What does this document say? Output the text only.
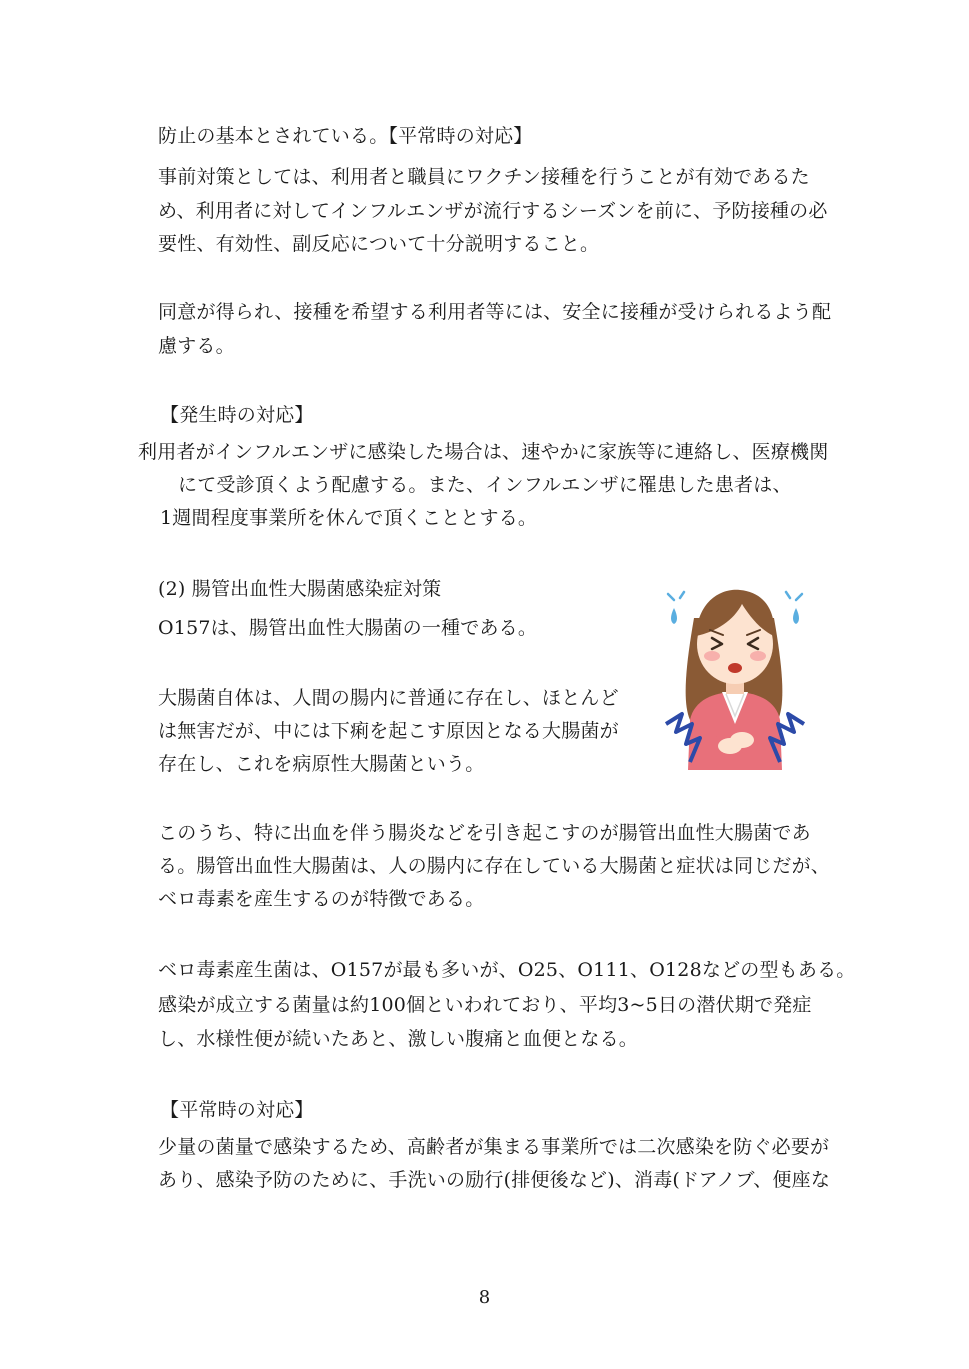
防止の基本とされている。【平常時の対応】
事前対策としては、利用者と職員にワクチン接種を行うことが有効であるた
め、利用者に対してインフルエンザが流行するシーズンを前に、予防接種の必
要性、有効性、副反応について十分説明すること。
同意が得られ、接種を希望する利用者等には、安全に接種が受けられるよう配
慮する。
【発生時の対応】
利用者がインフルエンザに感染した場合は、速やかに家族等に連絡し、医療機関
にて受診頂くよう配慮する。また、インフルエンザに罹患した患者は、
1週間程度事業所を休んで頂くこととする。
(2) 腸管出血性大腸菌感染症対策
O157は、腸管出血性大腸菌の一種である。
大腸菌自体は、人間の腸内に普通に存在し、ほとんど
は無害だが、中には下痢を起こす原因となる大腸菌が
存在し、これを病原性大腸菌という。
このうち、特に出血を伴う腸炎などを引き起こすのが腸管出血性大腸菌であ
る。腸管出血性大腸菌は、人の腸内に存在している大腸菌と症状は同じだが、
ベロ毒素を産生するのが特徴である。
ベロ毒素産生菌は、O157が最も多いが、O25、O111、O128などの型もある。
感染が成立する菌量は約100個といわれており、平均3~5日の潜伏期で発症
し、水様性便が続いたあと、激しい腹痛と血便となる。
【平常時の対応】
少量の菌量で感染するため、高齢者が集まる事業所では二次感染を防ぐ必要が
あり、感染予防のために、手洗いの励行(排便後など)、消毒(ドアノブ、便座な
8
